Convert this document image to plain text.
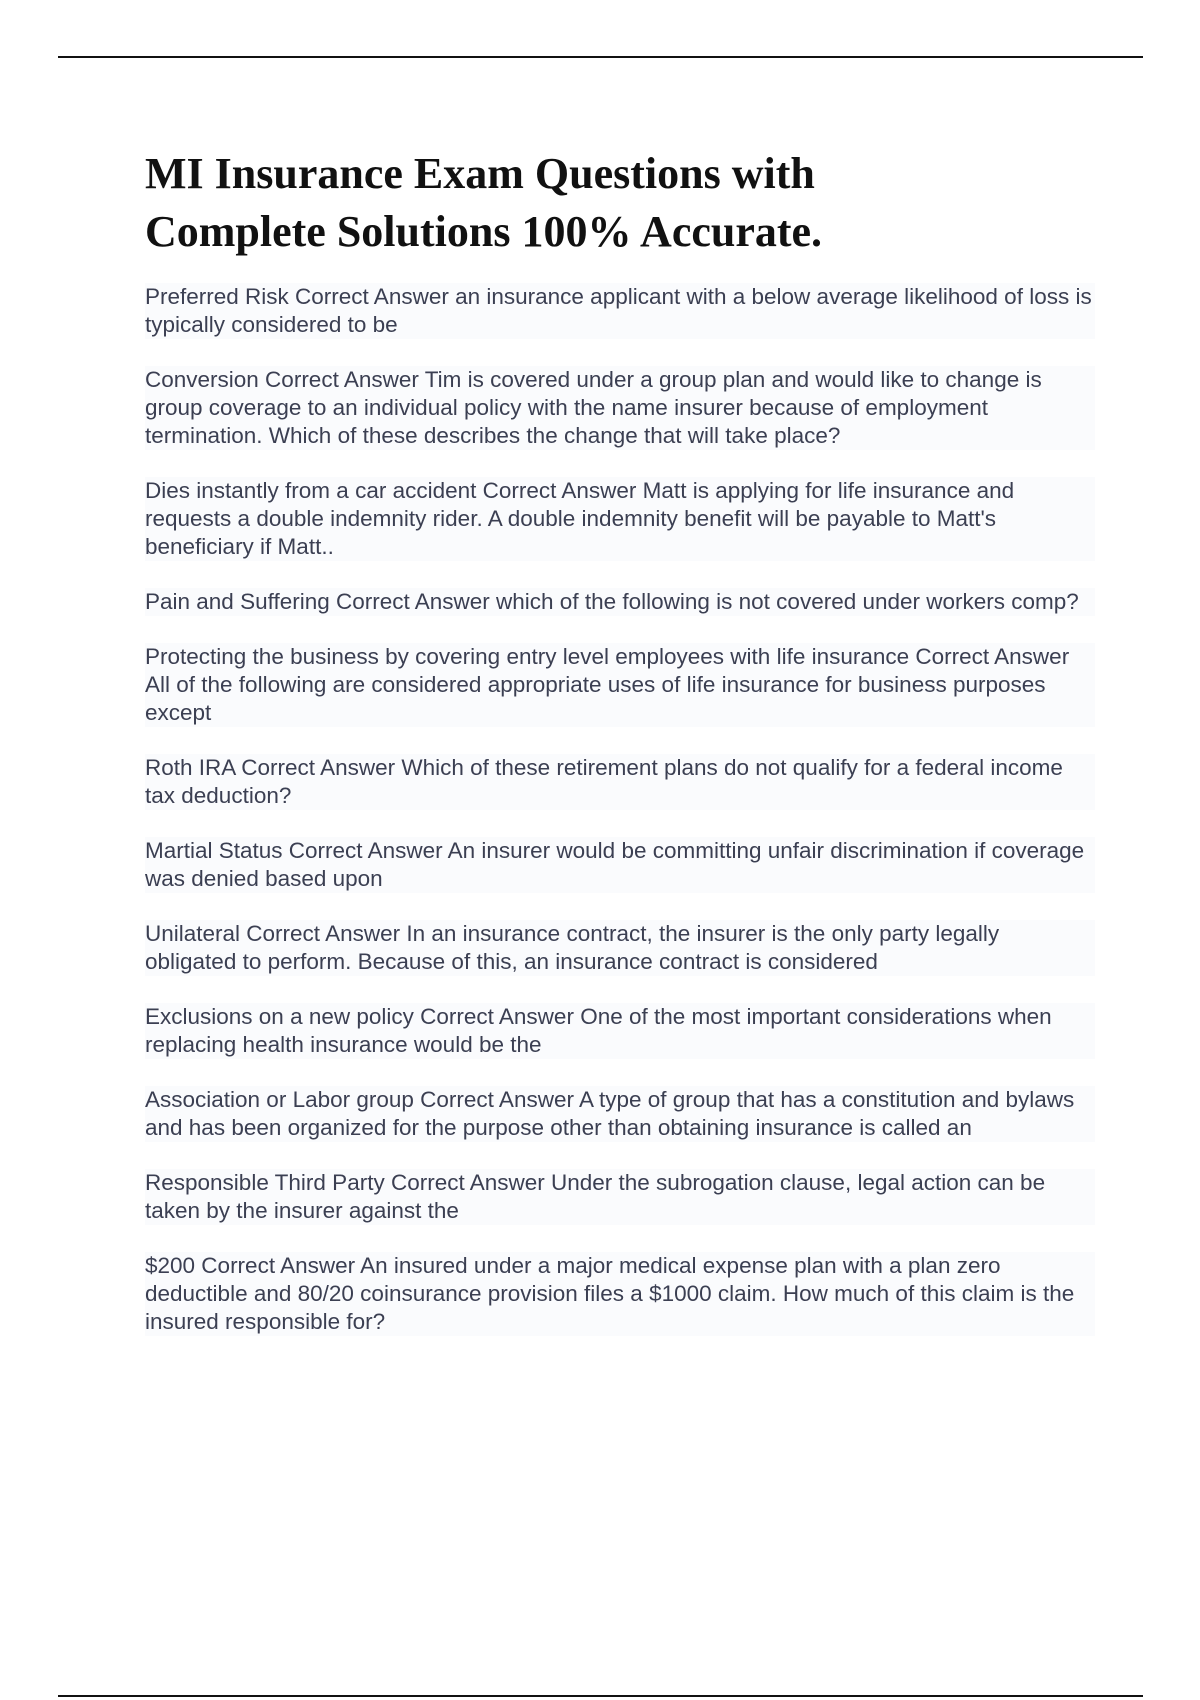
MI Insurance Exam Questions with Complete Solutions 100% Accurate.
Preferred Risk Correct Answer an insurance applicant with a below average likelihood of loss is typically considered to be
Conversion Correct Answer Tim is covered under a group plan and would like to change is group coverage to an individual policy with the name insurer because of employment termination. Which of these describes the change that will take place?
Dies instantly from a car accident Correct Answer Matt is applying for life insurance and requests a double indemnity rider. A double indemnity benefit will be payable to Matt's beneficiary if Matt..
Pain and Suffering Correct Answer which of the following is not covered under workers comp?
Protecting the business by covering entry level employees with life insurance Correct Answer All of the following are considered appropriate uses of life insurance for business purposes except
Roth IRA Correct Answer Which of these retirement plans do not qualify for a federal income tax deduction?
Martial Status Correct Answer An insurer would be committing unfair discrimination if coverage was denied based upon
Unilateral Correct Answer In an insurance contract, the insurer is the only party legally obligated to perform. Because of this, an insurance contract is considered
Exclusions on a new policy Correct Answer One of the most important considerations when replacing health insurance would be the
Association or Labor group Correct Answer A type of group that has a constitution and bylaws and has been organized for the purpose other than obtaining insurance is called an
Responsible Third Party Correct Answer Under the subrogation clause, legal action can be taken by the insurer against the
$200 Correct Answer An insured under a major medical expense plan with a plan zero deductible and 80/20 coinsurance provision files a $1000 claim. How much of this claim is the insured responsible for?
